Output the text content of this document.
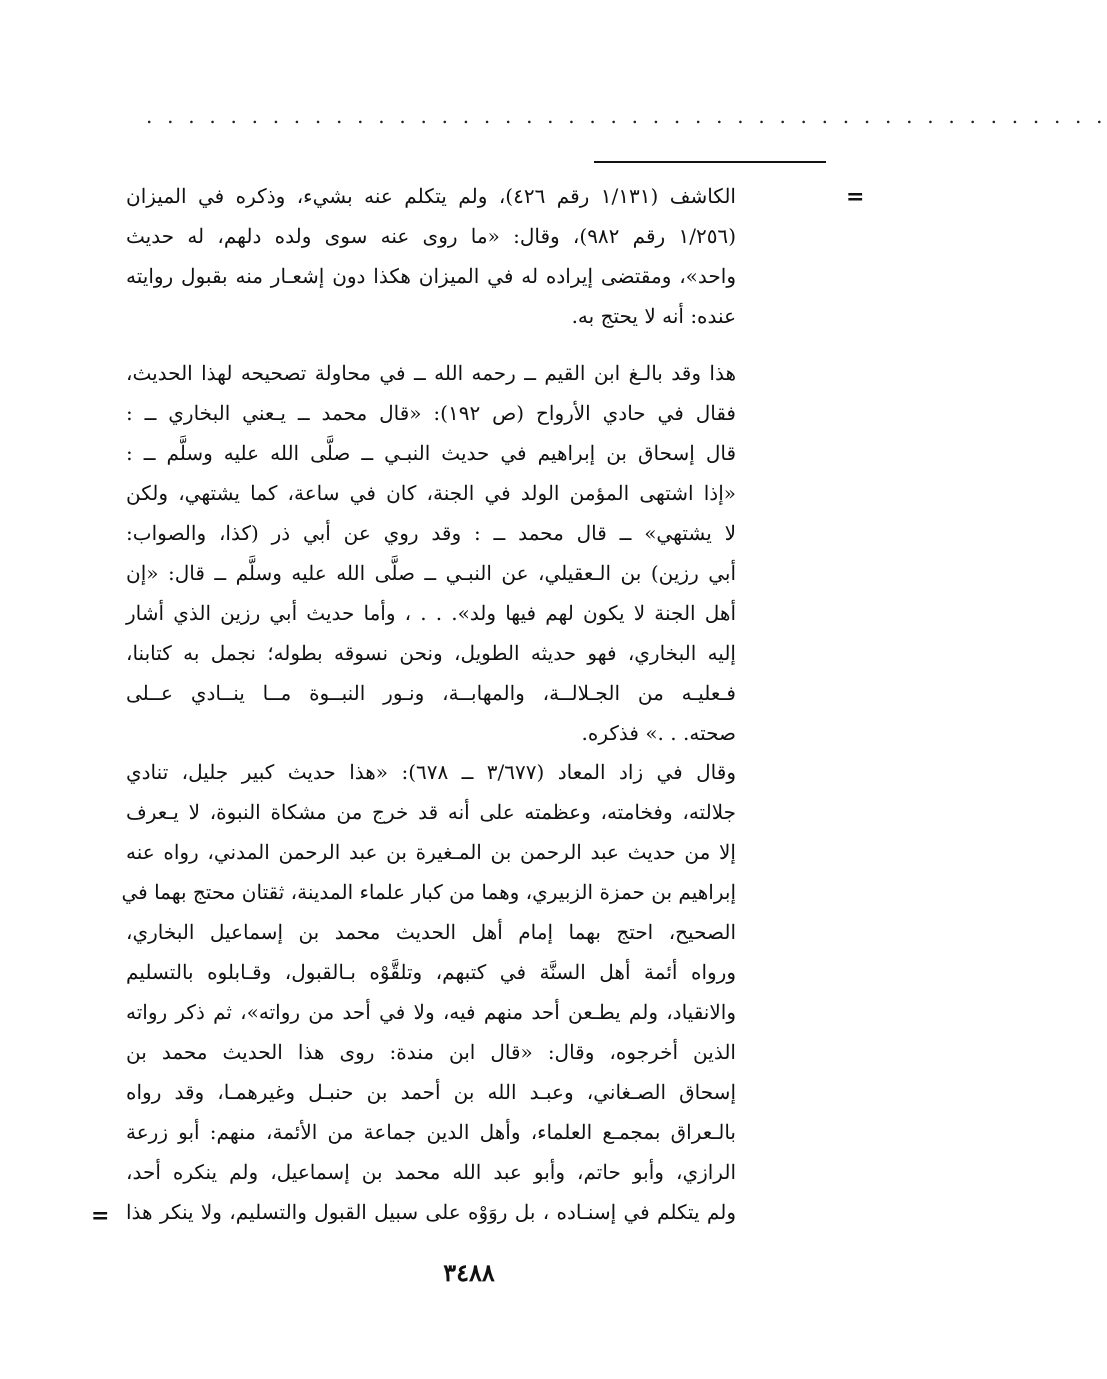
. . . . . . . . . . . . . . . . . . . . . . . . . . . . . . . . . . . . . . . . . . . . . .
=
الكاشف (١/١٣١ رقم ٤٢٦)، ولم يتكلم عنه بشيء، وذكره في الميزان
(١/٢٥٦ رقم ٩٨٢)، وقال: «ما روى عنه سوى ولده دلهم، له حديث
واحد»، ومقتضى إيراده له في الميزان هكذا دون إشعـار منه بقبول روايته
عنده: أنه لا يحتج به.
هذا وقد بالـغ ابن القيم ــ رحمه الله ــ في محاولة تصحيحه لهذا الحديث،
فقال في حادي الأرواح (ص ١٩٢): «قال محمد ــ يـعني البخاري ــ :
قال إسحاق بن إبراهيم في حديث النبـي ــ صلَّى الله عليه وسلَّم ــ :
«إذا اشتهى المؤمن الولد في الجنة، كان في ساعة، كما يشتهي، ولكن
لا يشتهي» ــ قال محمد ــ : وقد روي عن أبي ذر (كذا، والصواب:
أبي رزين) بن الـعقيلي، عن النبـي ــ صلَّى الله عليه وسلَّم ــ قال: «إن
أهل الجنة لا يكون لهم فيها ولد». . . ، وأما حديث أبي رزين الذي أشار
إليه البخاري، فهو حديثه الطويل، ونحن نسوقه بطوله؛ نجمل به كتابنا،
فـعليـه من الجـلالــة، والمهابــة، ونـور النبــوة مــا ينــادي عــلى
صحته. . .» فذكره.
وقال في زاد المعاد (٣/٦٧٧ ــ ٦٧٨): «هذا حديث كبير جليل، تنادي
جلالته، وفخامته، وعظمته على أنه قد خرج من مشكاة النبوة، لا يـعرف
إلا من حديث عبد الرحمن بن المـغيرة بن عبد الرحمن المدني، رواه عنه
إبراهيم بن حمزة الزبيري، وهما من كبار علماء المدينة، ثقتان محتج بهما في
الصحيح، احتج بهما إمام أهل الحديث محمد بن إسماعيل البخاري،
ورواه أئمة أهل السنَّة في كتبهم، وتلقَّوْه بـالقبول، وقـابلوه بالتسليم
والانقياد، ولم يطـعن أحد منهم فيه، ولا في أحد من رواته»، ثم ذكر رواته
الذين أخرجوه، وقال: «قال ابن مندة: روى هذا الحديث محمد بن
إسحاق الصـغاني، وعبـد الله بن أحمد بن حنبـل وغيرهمـا، وقد رواه
بالـعراق بمجمـع العلماء، وأهل الدين جماعة من الأئمة، منهم: أبو زرعة
الرازي، وأبو حاتم، وأبو عبد الله محمد بن إسماعيل، ولم ينكره أحد،
ولم يتكلم في إسنـاده ، بل روَوْه على سبيل القبول والتسليم، ولا ينكر هذا
=
٣٤٨٨
